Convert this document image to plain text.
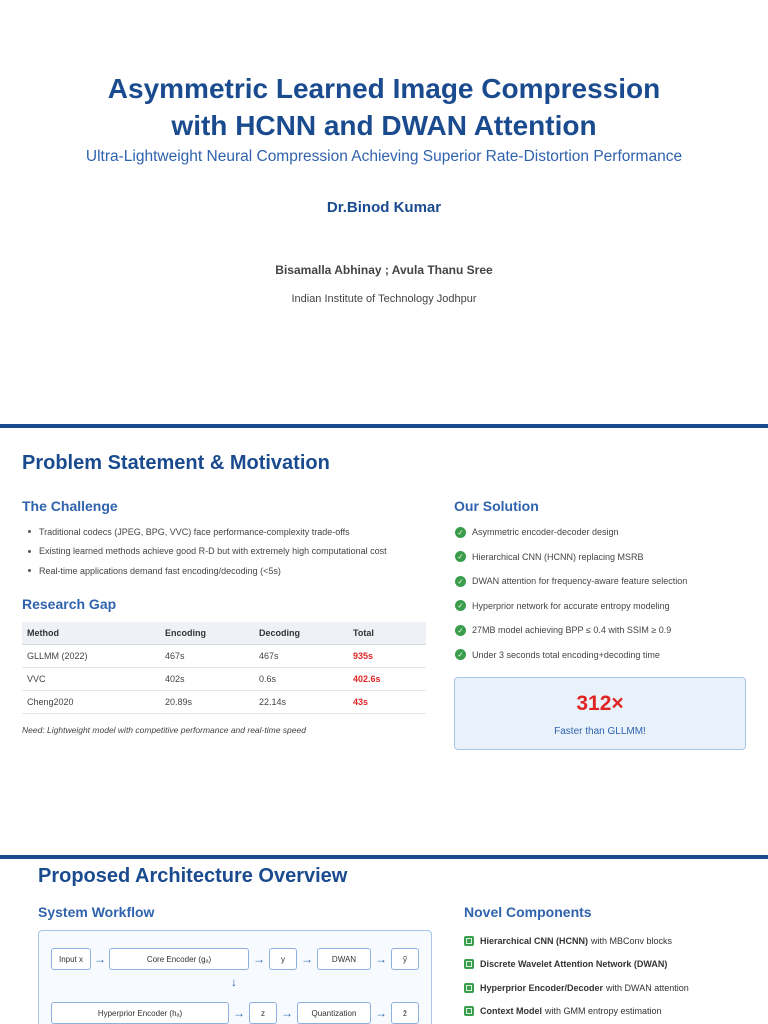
Asymmetric Learned Image Compression
with HCNN and DWAN Attention
Ultra-Lightweight Neural Compression Achieving Superior Rate-Distortion Performance
Dr.Binod Kumar
Bisamalla Abhinay ; Avula Thanu Sree
Indian Institute of Technology Jodhpur
Problem Statement & Motivation
The Challenge
Traditional codecs (JPEG, BPG, VVC) face performance-complexity trade-offs
Existing learned methods achieve good R-D but with extremely high computational cost
Real-time applications demand fast encoding/decoding (<5s)
Research Gap
Method	Encoding	Decoding	Total
GLLMM (2022)	467s	467s	935s
VVC	402s	0.6s	402.6s
Cheng2020	20.89s	22.14s	43s
Need: Lightweight model with competitive performance and real-time speed
Our Solution
✓ Asymmetric encoder-decoder design
✓ Hierarchical CNN (HCNN) replacing MSRB
✓ DWAN attention for frequency-aware feature selection
✓ Hyperprior network for accurate entropy modeling
✓ 27MB model achieving BPP ≤ 0.4 with SSIM ≥ 0.9
✓ Under 3 seconds total encoding+decoding time
312×
Faster than GLLMM!
Proposed Architecture Overview
System Workflow
Input x →	Core Encoder (gₐ)	→	y	→	DWAN	→	ỹ
↓
Hyperprior Encoder (hₐ)	→	z	→	Quantization	→	ẑ
Novel Components
Hierarchical CNN (HCNN) with MBConv blocks
Discrete Wavelet Attention Network (DWAN)
Hyperprior Encoder/Decoder with DWAN attention
Context Model with GMM entropy estimation
